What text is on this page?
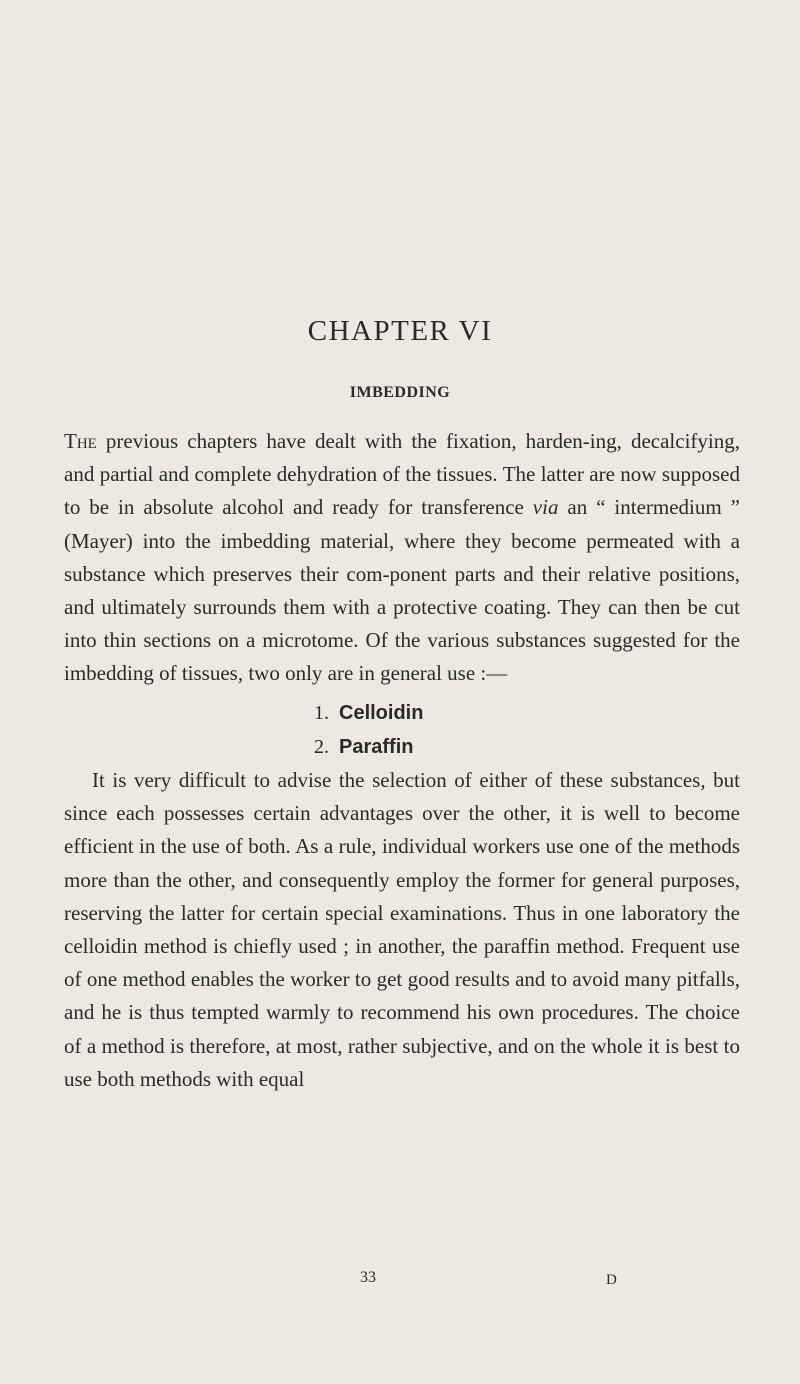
CHAPTER VI
IMBEDDING

The previous chapters have dealt with the fixation, harden-ing, decalcifying, and partial and complete dehydration of the tissues. The latter are now supposed to be in absolute alcohol and ready for transference via an “ intermedium ” (Mayer) into the imbedding material, where they become permeated with a substance which preserves their com-ponent parts and their relative positions, and ultimately surrounds them with a protective coating. They can then be cut into thin sections on a microtome. Of the various substances suggested for the imbedding of tissues, two only are in general use :—

1. Celloidin
2. Paraffin

It is very difficult to advise the selection of either of these substances, but since each possesses certain advantages over the other, it is well to become efficient in the use of both. As a rule, individual workers use one of the methods more than the other, and consequently employ the former for general purposes, reserving the latter for certain special examinations. Thus in one laboratory the celloidin method is chiefly used ; in another, the paraffin method. Frequent use of one method enables the worker to get good results and to avoid many pitfalls, and he is thus tempted warmly to recommend his own procedures. The choice of a method is therefore, at most, rather subjective, and on the whole it is best to use both methods with equal

33	D
